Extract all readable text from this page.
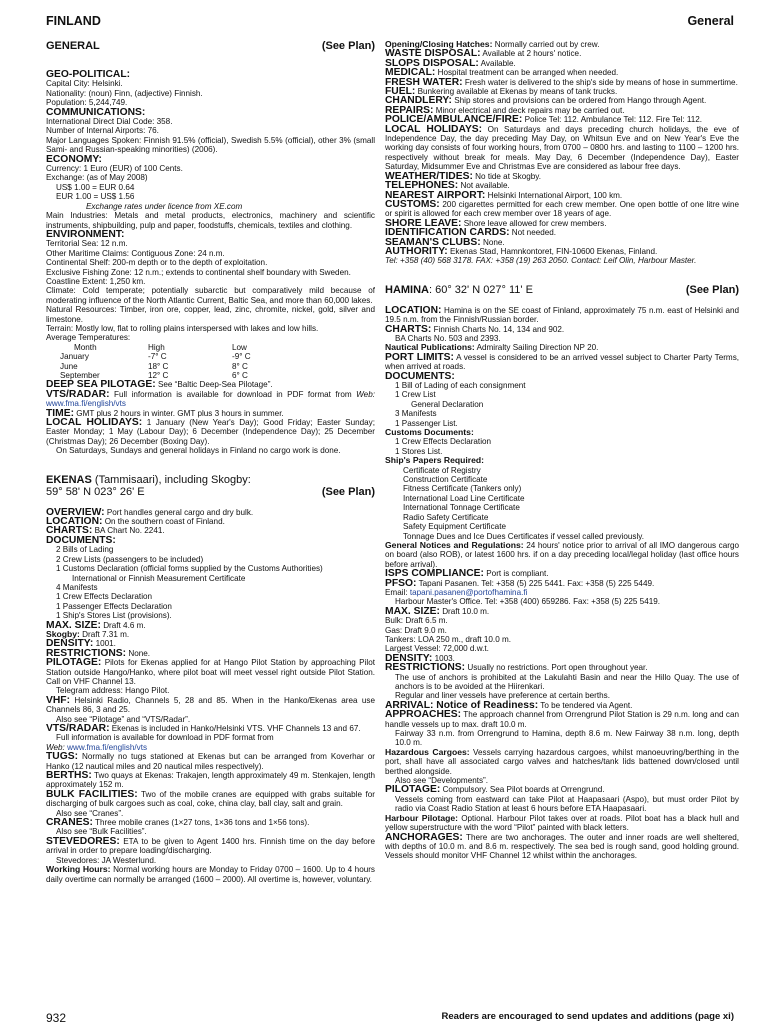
FINLAND	General
GENERAL	(See Plan)
GEO-POLITICAL:

Capital City: Helsinki.

Nationality: (noun) Finn, (adjective) Finnish.

Population: 5,244,749.

COMMUNICATIONS:

International Direct Dial Code: 358.

Number of Internal Airports: 76.

Major Languages Spoken: Finnish 91.5% (official), Swedish 5.5% (official), other 3% (small Sami- and Russian-speaking minorities) (2006).

ECONOMY:

Currency: 1 Euro (EUR) of 100 Cents.

Exchange: (as of May 2008)

US$ 1.00 = EUR 0.64

EUR 1.00 = US$ 1.56

Exchange rates under licence from XE.com

Main Industries: Metals and metal products, electronics, machinery and scientific instruments, shipbuilding, pulp and paper, foodstuffs, chemicals, textiles and clothing.

ENVIRONMENT:

Territorial Sea: 12 n.m.

Other Maritime Claims: Contiguous Zone: 24 n.m.

Continental Shelf: 200-m depth or to the depth of exploitation.

Exclusive Fishing Zone: 12 n.m.; extends to continental shelf boundary with Sweden.

Coastline Extent: 1,250 km.

Climate: Cold temperate; potentially subarctic but comparatively mild because of moderating influence of the North Atlantic Current, Baltic Sea, and more than 60,000 lakes.

Natural Resources: Timber, iron ore, copper, lead, zinc, chromite, nickel, gold, silver and limestone.

Terrain: Mostly low, flat to rolling plains interspersed with lakes and low hills.

Average Temperatures:

Month	High	Low
January	-7° C	-9° C
June	18° C	8° C
September	12° C	6° C

DEEP SEA PILOTAGE: See “Baltic Deep-Sea Pilotage”.

VTS/RADAR: Full information is available for download in PDF format from Web: www.fma.fi/english/vts

TIME: GMT plus 2 hours in winter. GMT plus 3 hours in summer.

LOCAL HOLIDAYS: 1 January (New Year's Day); Good Friday; Easter Sunday; Easter Monday; 1 May (Labour Day); 6 December (Independence Day); 25 December (Christmas Day); 26 December (Boxing Day).

On Saturdays, Sundays and general holidays in Finland no cargo work is done.

EKENAS (Tammisaari), including Skogby:
59° 58' N 023° 26' E	(See Plan)

OVERVIEW: Port handles general cargo and dry bulk.

LOCATION: On the southern coast of Finland.

CHARTS: BA Chart No. 2241.

DOCUMENTS:

2 Bills of Lading

2 Crew Lists (passengers to be included)

1 Customs Declaration (official forms supplied by the Customs Authorities)

International or Finnish Measurement Certificate

4 Manifests

1 Crew Effects Declaration

1 Passenger Effects Declaration

1 Ship's Stores List (provisions).

MAX. SIZE: Draft 4.6 m.

Skogby: Draft 7.31 m.

DENSITY: 1001.

RESTRICTIONS: None.

PILOTAGE: Pilots for Ekenas applied for at Hango Pilot Station by approaching Pilot Station outside Hango/Hanko, where pilot boat will meet vessel right outside Pilot Station. Call on VHF Channel 13.

Telegram address: Hango Pilot.

VHF: Helsinki Radio, Channels 5, 28 and 85. When in the Hanko/Ekenas area use Channels 86, 3 and 25.

Also see “Pilotage” and “VTS/Radar”.

VTS/RADAR: Ekenas is included in Hanko/Helsinki VTS. VHF Channels 13 and 67.

Full information is available for download in PDF format from

Web: www.fma.fi/english/vts

TUGS: Normally no tugs stationed at Ekenas but can be arranged from Koverhar or Hanko (12 nautical miles and 20 nautical miles respectively).

BERTHS: Two quays at Ekenas: Trakajen, length approximately 49 m. Stenkajen, length approximately 152 m.

BULK FACILITIES: Two of the mobile cranes are equipped with grabs suitable for discharging of bulk cargoes such as coal, coke, china clay, ball clay, salt and grain.

Also see “Cranes”.

CRANES: Three mobile cranes (1×27 tons, 1×36 tons and 1×56 tons).

Also see “Bulk Facilities”.

STEVEDORES: ETA to be given to Agent 1400 hrs. Finnish time on the day before arrival in order to prepare loading/discharging.

Stevedores: JA Westerlund.

Working Hours: Normal working hours are Monday to Friday 0700 – 1600. Up to 4 hours daily overtime can normally be arranged (1600 – 2000). All overtime is, however, voluntary.

Opening/Closing Hatches: Normally carried out by crew.

WASTE DISPOSAL: Available at 2 hours' notice.

SLOPS DISPOSAL: Available.

MEDICAL: Hospital treatment can be arranged when needed.

FRESH WATER: Fresh water is delivered to the ship's side by means of hose in summertime.

FUEL: Bunkering available at Ekenas by means of tank trucks.

CHANDLERY: Ship stores and provisions can be ordered from Hango through Agent.

REPAIRS: Minor electrical and deck repairs may be carried out.

POLICE/AMBULANCE/FIRE: Police Tel: 112. Ambulance Tel: 112. Fire Tel: 112.

LOCAL HOLIDAYS: On Saturdays and days preceding church holidays, the eve of Independence Day, the day preceding May Day, on Whitsun Eve and on New Year's Eve the working day consists of four working hours, from 0700 – 0800 hrs. and lasting to 1100 – 1200 hrs. respectively without break for meals. May Day, 6 December (Independence Day), Easter Saturday, Midsummer Eve and Christmas Eve are considered as labour free days.

WEATHER/TIDES: No tide at Skogby.

TELEPHONES: Not available.

NEAREST AIRPORT: Helsinki International Airport, 100 km.

CUSTOMS: 200 cigarettes permitted for each crew member. One open bottle of one litre wine or spirit is allowed for each crew member over 18 years of age.

SHORE LEAVE: Shore leave allowed for crew members.

IDENTIFICATION CARDS: Not needed.

SEAMAN'S CLUBS: None.

AUTHORITY: Ekenas Stad, Hamnkontoret, FIN-10600 Ekenas, Finland.

Tel: +358 (40) 568 3178. FAX: +358 (19) 263 2050. Contact: Leif Olin, Harbour Master.

HAMINA: 60° 32' N 027° 11' E	(See Plan)

LOCATION: Hamina is on the SE coast of Finland, approximately 75 n.m. east of Helsinki and 19.5 n.m. from the Finnish/Russian border.

CHARTS: Finnish Charts No. 14, 134 and 902.

BA Charts No. 503 and 2393.

Nautical Publications: Admiralty Sailing Direction NP 20.

PORT LIMITS: A vessel is considered to be an arrived vessel subject to Charter Party Terms, when arrived at roads.

DOCUMENTS:

1 Bill of Lading of each consignment

1 Crew List

General Declaration

3 Manifests

1 Passenger List.

Customs Documents:

1 Crew Effects Declaration

1 Stores List.

Ship's Papers Required:

Certificate of Registry

Construction Certificate

Fitness Certificate (Tankers only)

International Load Line Certificate

International Tonnage Certificate

Radio Safety Certificate

Safety Equipment Certificate

Tonnage Dues and Ice Dues Certificates if vessel called previously.

General Notices and Regulations: 24 hours' notice prior to arrival of all IMO dangerous cargo on board (also ROB), or latest 1600 hrs. if on a day preceding local/legal holiday (last office hours before arrival).

ISPS COMPLIANCE: Port is compliant.

PFSO: Tapani Pasanen. Tel: +358 (5) 225 5441. Fax: +358 (5) 225 5449.

Email: tapani.pasanen@portofhamina.fi

Harbour Master's Office. Tel: +358 (400) 659286. Fax: +358 (5) 225 5419.

MAX. SIZE: Draft 10.0 m.

Bulk: Draft 6.5 m.

Gas: Draft 9.0 m.

Tankers: LOA 250 m., draft 10.0 m.

Largest Vessel: 72,000 d.w.t.

DENSITY: 1003.

RESTRICTIONS: Usually no restrictions. Port open throughout year.

The use of anchors is prohibited at the Lakulahti Basin and near the Hillo Quay. The use of anchors is to be avoided at the Hiirenkari.

Regular and liner vessels have preference at certain berths.

ARRIVAL: Notice of Readiness: To be tendered via Agent.

APPROACHES: The approach channel from Orrengrund Pilot Station is 29 n.m. long and can handle vessels up to max. draft 10.0 m.

Fairway 33 n.m. from Orrengrund to Hamina, depth 8.6 m. New Fairway 38 n.m. long, depth 10.0 m.

Hazardous Cargoes: Vessels carrying hazardous cargoes, whilst manoeuvring/berthing in the port, shall have all associated cargo valves and hatches/tank lids battened down/closed until berthed alongside.

Also see “Developments”.

PILOTAGE: Compulsory. Sea Pilot boards at Orrengrund.

Vessels coming from eastward can take Pilot at Haapasaari (Aspo), but must order Pilot by radio via Coast Radio Station at least 6 hours before ETA Haapasaari.

Harbour Pilotage: Optional. Harbour Pilot takes over at roads. Pilot boat has a black hull and yellow superstructure with the word “Pilot” painted with black letters.

ANCHORAGES: There are two anchorages. The outer and inner roads are well sheltered, with depths of 10.0 m. and 8.6 m. respectively. The sea bed is rough sand, good holding ground. Vessels should monitor VHF Channel 12 whilst within the anchorages.

932	Readers are encouraged to send updates and additions (page xi)
